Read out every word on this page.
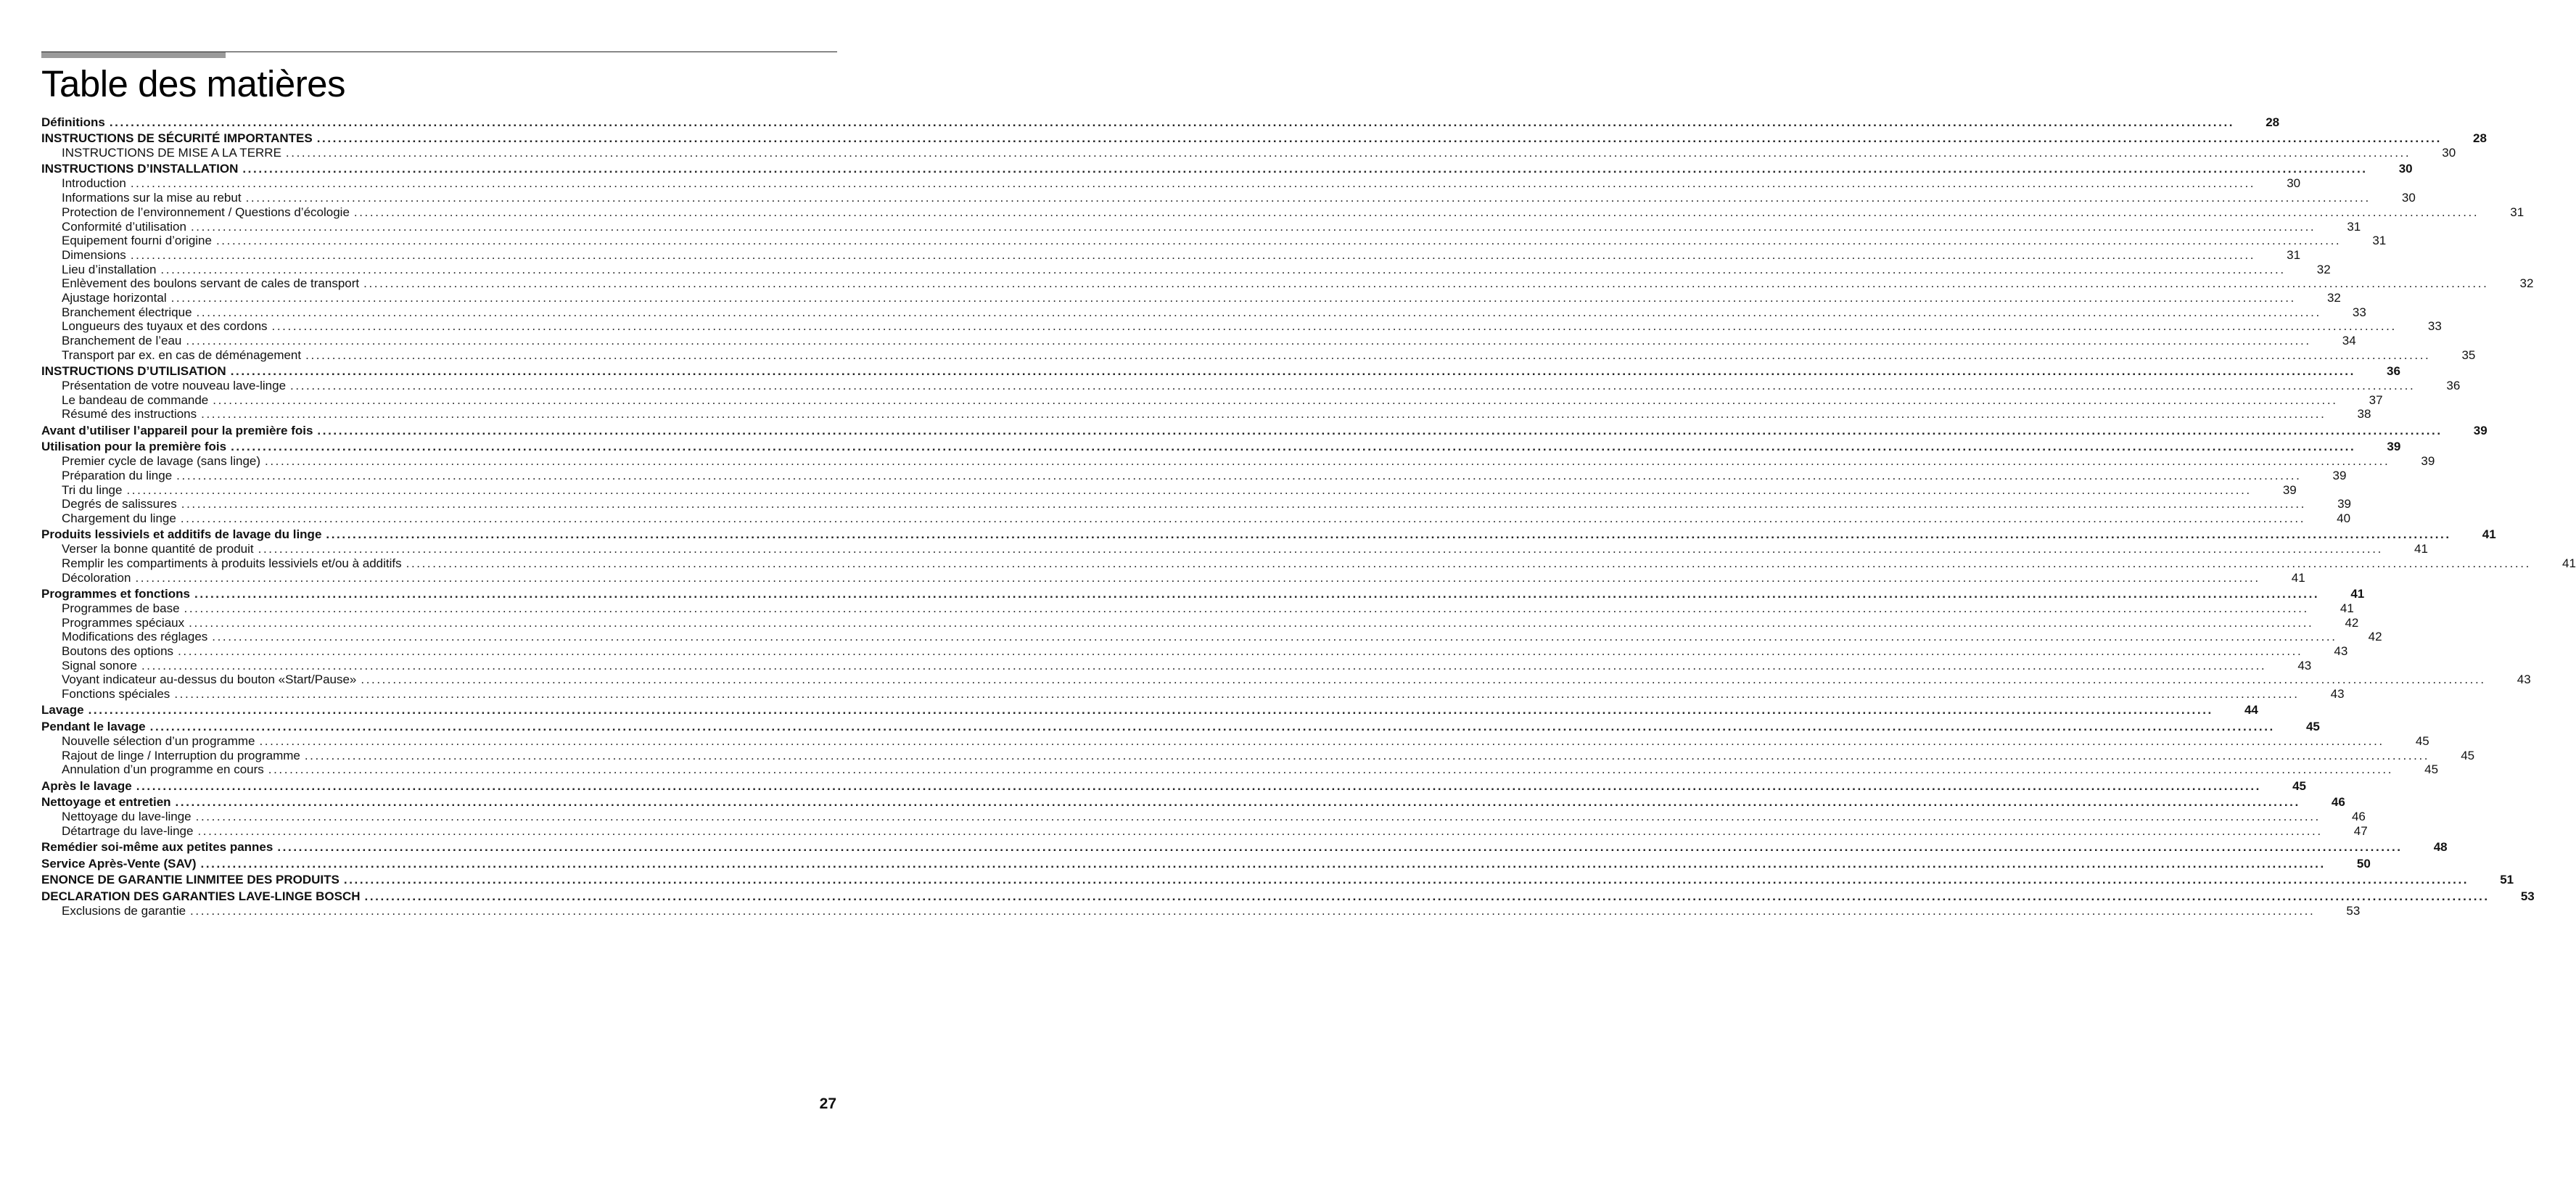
Table des matières
Définitions ................................................................................................................................................................................................................................................................................................................................................................................................................	28
INSTRUCTIONS DE SÉCURITÉ IMPORTANTES ................................................................................................................................................................................................................................................................................................................................................................................................................	28
INSTRUCTIONS DE MISE A LA TERRE ................................................................................................................................................................................................................................................................................................................................................................................................................	30
INSTRUCTIONS D’INSTALLATION ................................................................................................................................................................................................................................................................................................................................................................................................................	30
Introduction ................................................................................................................................................................................................................................................................................................................................................................................................................	30
Informations sur la mise au rebut ................................................................................................................................................................................................................................................................................................................................................................................................................	30
Protection de l’environnement / Questions d’écologie ................................................................................................................................................................................................................................................................................................................................................................................................................	31
Conformité d’utilisation ................................................................................................................................................................................................................................................................................................................................................................................................................	31
Equipement fourni d’origine ................................................................................................................................................................................................................................................................................................................................................................................................................	31
Dimensions ................................................................................................................................................................................................................................................................................................................................................................................................................	31
Lieu d’installation ................................................................................................................................................................................................................................................................................................................................................................................................................	32
Enlèvement des boulons servant de cales de transport ................................................................................................................................................................................................................................................................................................................................................................................................................	32
Ajustage horizontal ................................................................................................................................................................................................................................................................................................................................................................................................................	32
Branchement électrique ................................................................................................................................................................................................................................................................................................................................................................................................................	33
Longueurs des tuyaux et des cordons ................................................................................................................................................................................................................................................................................................................................................................................................................	33
Branchement de l’eau ................................................................................................................................................................................................................................................................................................................................................................................................................	34
Transport par ex. en cas de déménagement ................................................................................................................................................................................................................................................................................................................................................................................................................	35
INSTRUCTIONS D’UTILISATION ................................................................................................................................................................................................................................................................................................................................................................................................................	36
Présentation de votre nouveau lave-linge ................................................................................................................................................................................................................................................................................................................................................................................................................	36
Le bandeau de commande ................................................................................................................................................................................................................................................................................................................................................................................................................	37
Résumé des instructions ................................................................................................................................................................................................................................................................................................................................................................................................................	38
Avant d’utiliser l’appareil pour la première fois ................................................................................................................................................................................................................................................................................................................................................................................................................	39
Utilisation pour la première fois ................................................................................................................................................................................................................................................................................................................................................................................................................	39
Premier cycle de lavage (sans linge) ................................................................................................................................................................................................................................................................................................................................................................................................................	39
Préparation du linge ................................................................................................................................................................................................................................................................................................................................................................................................................	39
Tri du linge ................................................................................................................................................................................................................................................................................................................................................................................................................	39
Degrés de salissures ................................................................................................................................................................................................................................................................................................................................................................................................................	39
Chargement du linge ................................................................................................................................................................................................................................................................................................................................................................................................................	40
Produits lessiviels et additifs de lavage du linge ................................................................................................................................................................................................................................................................................................................................................................................................................	41
Verser la bonne quantité de produit ................................................................................................................................................................................................................................................................................................................................................................................................................	41
Remplir les compartiments à produits lessiviels et/ou à additifs ................................................................................................................................................................................................................................................................................................................................................................................................................	41
Décoloration ................................................................................................................................................................................................................................................................................................................................................................................................................	41
Programmes et fonctions ................................................................................................................................................................................................................................................................................................................................................................................................................	41
Programmes de base ................................................................................................................................................................................................................................................................................................................................................................................................................	41
Programmes spéciaux ................................................................................................................................................................................................................................................................................................................................................................................................................	42
Modifications des réglages ................................................................................................................................................................................................................................................................................................................................................................................................................	42
Boutons des options ................................................................................................................................................................................................................................................................................................................................................................................................................	43
Signal sonore ................................................................................................................................................................................................................................................................................................................................................................................................................	43
Voyant indicateur au-dessus du bouton «Start/Pause» ................................................................................................................................................................................................................................................................................................................................................................................................................	43
Fonctions spéciales ................................................................................................................................................................................................................................................................................................................................................................................................................	43
Lavage ................................................................................................................................................................................................................................................................................................................................................................................................................	44
Pendant le lavage ................................................................................................................................................................................................................................................................................................................................................................................................................	45
Nouvelle sélection d’un programme ................................................................................................................................................................................................................................................................................................................................................................................................................	45
Rajout de linge / Interruption du programme ................................................................................................................................................................................................................................................................................................................................................................................................................	45
Annulation d’un programme en cours ................................................................................................................................................................................................................................................................................................................................................................................................................	45
Après le lavage ................................................................................................................................................................................................................................................................................................................................................................................................................	45
Nettoyage et entretien ................................................................................................................................................................................................................................................................................................................................................................................................................	46
Nettoyage du lave-linge ................................................................................................................................................................................................................................................................................................................................................................................................................	46
Détartrage du lave-linge ................................................................................................................................................................................................................................................................................................................................................................................................................	47
Remédier soi-même aux petites pannes ................................................................................................................................................................................................................................................................................................................................................................................................................	48
Service Après-Vente (SAV) ................................................................................................................................................................................................................................................................................................................................................................................................................	50
ENONCE DE GARANTIE LINMITEE DES PRODUITS ................................................................................................................................................................................................................................................................................................................................................................................................................	51
DECLARATION DES GARANTIES LAVE-LINGE BOSCH ................................................................................................................................................................................................................................................................................................................................................................................................................	53
Exclusions de garantie ................................................................................................................................................................................................................................................................................................................................................................................................................	53
27
